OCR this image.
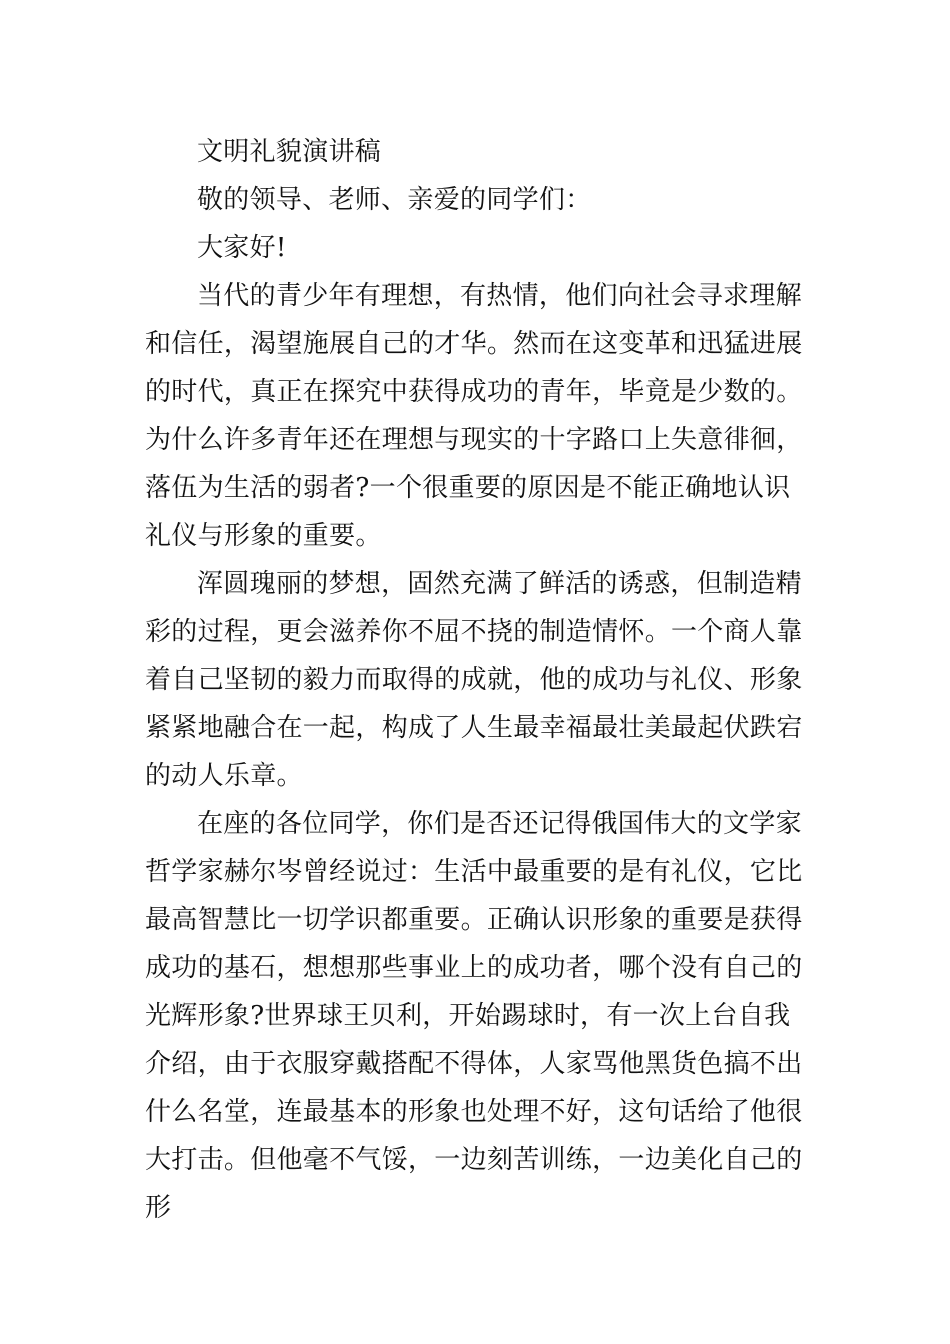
文明礼貌演讲稿

敬的领导、老师、亲爱的同学们：

大家好!

当代的青少年有理想，有热情，他们向社会寻求理解和信任，渴望施展自己的才华。然而在这变革和迅猛进展的时代，真正在探究中获得成功的青年，毕竟是少数的。为什么许多青年还在理想与现实的十字路口上失意徘徊，落伍为生活的弱者?一个很重要的原因是不能正确地认识礼仪与形象的重要。

浑圆瑰丽的梦想，固然充满了鲜活的诱惑，但制造精彩的过程，更会滋养你不屈不挠的制造情怀。一个商人靠着自己坚韧的毅力而取得的成就，他的成功与礼仪、形象紧紧地融合在一起，构成了人生最幸福最壮美最起伏跌宕的动人乐章。

在座的各位同学，你们是否还记得俄国伟大的文学家哲学家赫尔岑曾经说过：生活中最重要的是有礼仪，它比最高智慧比一切学识都重要。正确认识形象的重要是获得成功的基石，想想那些事业上的成功者，哪个没有自己的光辉形象?世界球王贝利，开始踢球时，有一次上台自我介绍，由于衣服穿戴搭配不得体，人家骂他黑货色搞不出什么名堂，连最基本的形象也处理不好，这句话给了他很大打击。但他毫不气馁，一边刻苦训练，一边美化自己的形
